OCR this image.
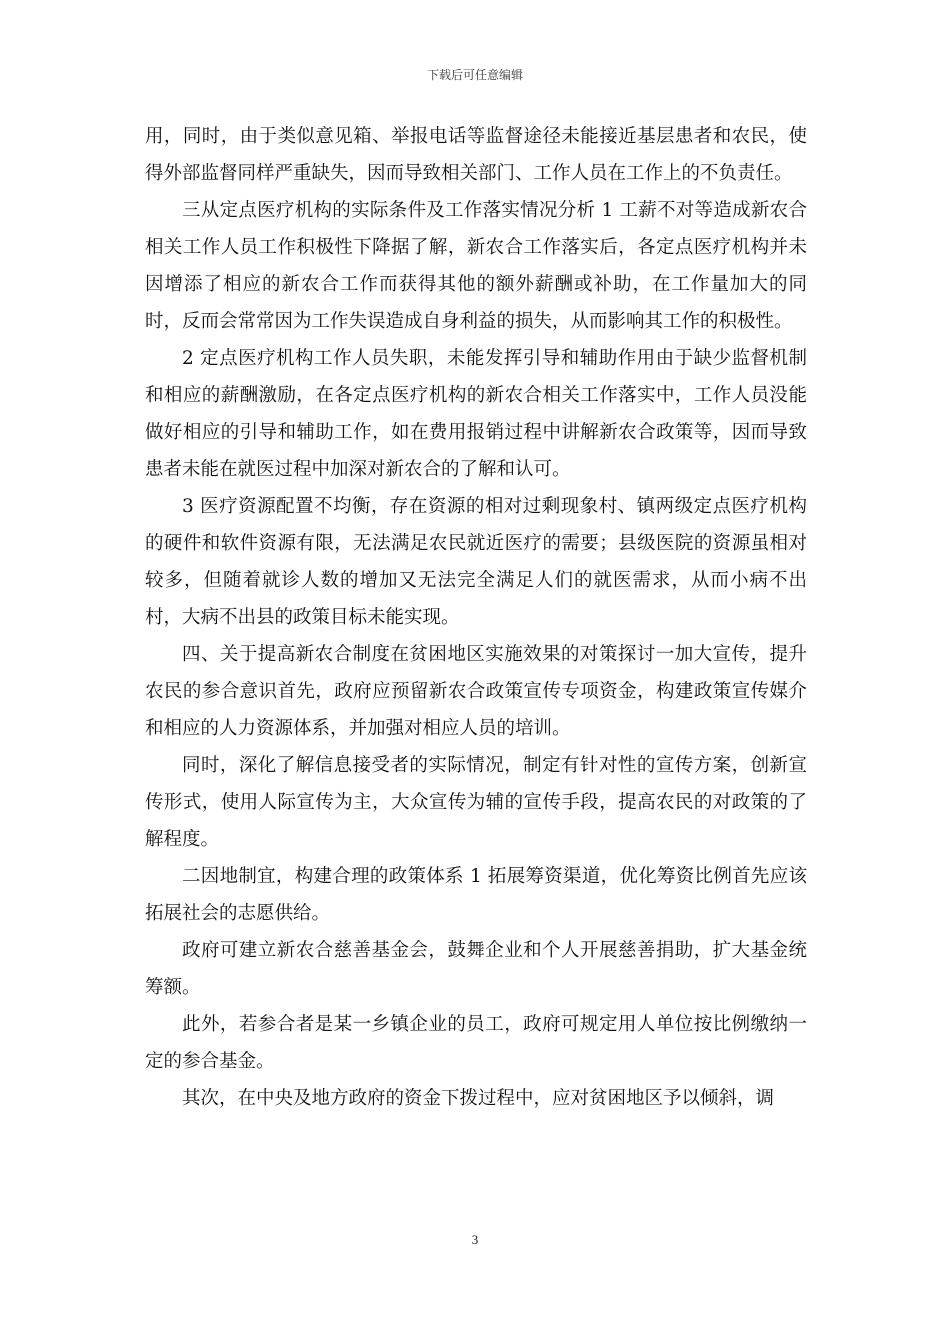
下载后可任意编辑

用，同时，由于类似意见箱、举报电话等监督途径未能接近基层患者和农民，使得外部监督同样严重缺失，因而导致相关部门、工作人员在工作上的不负责任。

三从定点医疗机构的实际条件及工作落实情况分析 1 工薪不对等造成新农合相关工作人员工作积极性下降据了解，新农合工作落实后，各定点医疗机构并未因增添了相应的新农合工作而获得其他的额外薪酬或补助，在工作量加大的同时，反而会常常因为工作失误造成自身利益的损失，从而影响其工作的积极性。

2 定点医疗机构工作人员失职，未能发挥引导和辅助作用由于缺少监督机制和相应的薪酬激励，在各定点医疗机构的新农合相关工作落实中，工作人员没能做好相应的引导和辅助工作，如在费用报销过程中讲解新农合政策等，因而导致患者未能在就医过程中加深对新农合的了解和认可。

3 医疗资源配置不均衡，存在资源的相对过剩现象村、镇两级定点医疗机构的硬件和软件资源有限，无法满足农民就近医疗的需要；县级医院的资源虽相对较多，但随着就诊人数的增加又无法完全满足人们的就医需求，从而小病不出村，大病不出县的政策目标未能实现。

四、关于提高新农合制度在贫困地区实施效果的对策探讨一加大宣传，提升农民的参合意识首先，政府应预留新农合政策宣传专项资金，构建政策宣传媒介和相应的人力资源体系，并加强对相应人员的培训。

同时，深化了解信息接受者的实际情况，制定有针对性的宣传方案，创新宣传形式，使用人际宣传为主，大众宣传为辅的宣传手段，提高农民的对政策的了解程度。

二因地制宜，构建合理的政策体系 1 拓展筹资渠道，优化筹资比例首先应该拓展社会的志愿供给。

政府可建立新农合慈善基金会，鼓舞企业和个人开展慈善捐助，扩大基金统筹额。

此外，若参合者是某一乡镇企业的员工，政府可规定用人单位按比例缴纳一定的参合基金。

其次，在中央及地方政府的资金下拨过程中，应对贫困地区予以倾斜，调

3
